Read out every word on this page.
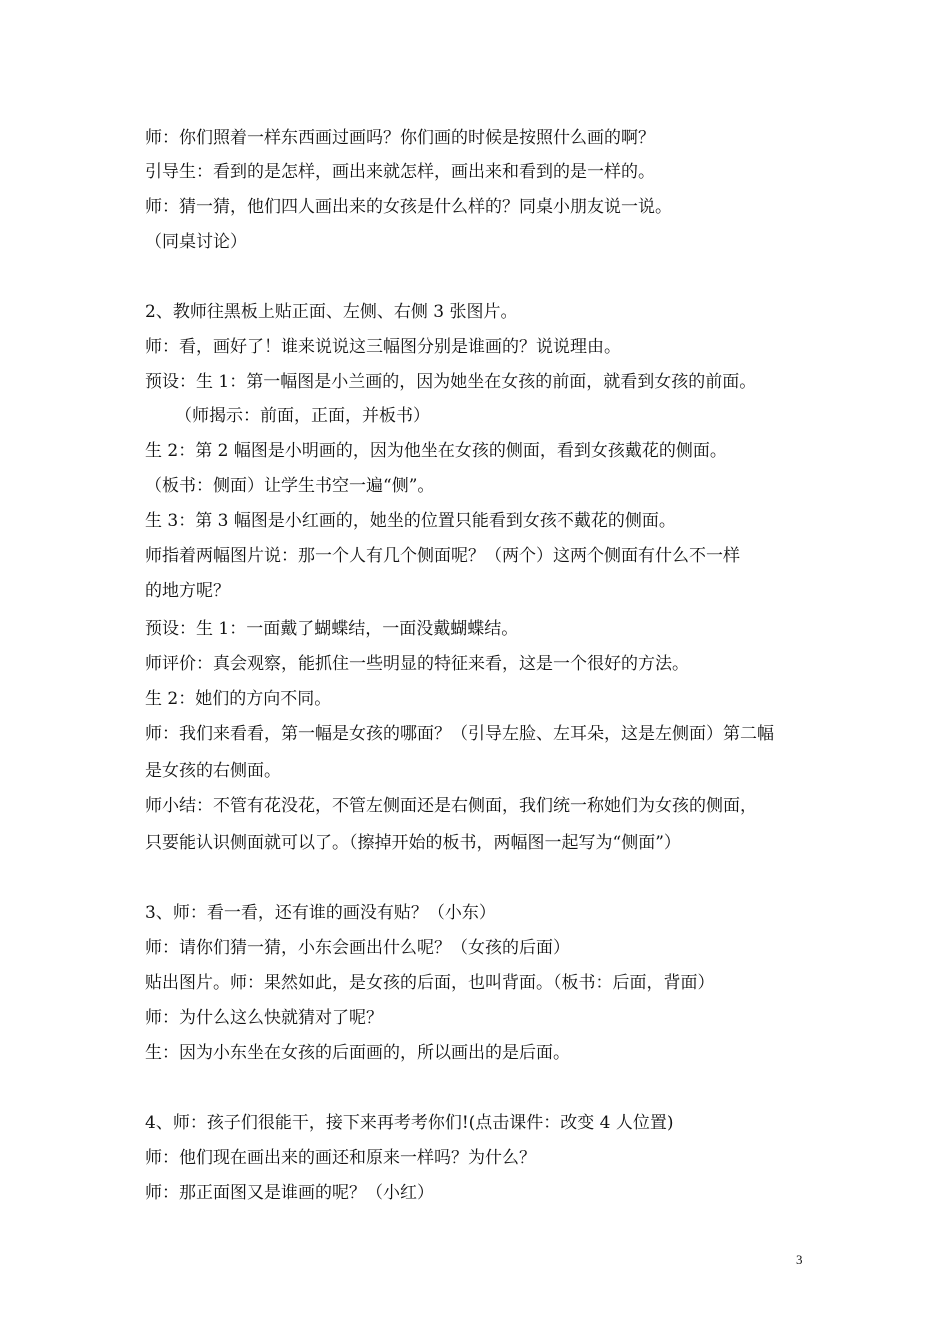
师：你们照着一样东西画过画吗？你们画的时候是按照什么画的啊？
引导生：看到的是怎样，画出来就怎样，画出来和看到的是一样的。
师：猜一猜，他们四人画出来的女孩是什么样的？同桌小朋友说一说。
（同桌讨论）
2、教师往黑板上贴正面、左侧、右侧 3 张图片。
师：看，画好了！谁来说说这三幅图分别是谁画的？说说理由。
预设：生 1：第一幅图是小兰画的，因为她坐在女孩的前面，就看到女孩的前面。
（师揭示：前面，正面，并板书）
生 2：第 2 幅图是小明画的，因为他坐在女孩的侧面，看到女孩戴花的侧面。
（板书：侧面）让学生书空一遍“侧”。
生 3：第 3 幅图是小红画的，她坐的位置只能看到女孩不戴花的侧面。
师指着两幅图片说：那一个人有几个侧面呢？（两个）这两个侧面有什么不一样
的地方呢？
预设：生 1：一面戴了蝴蝶结，一面没戴蝴蝶结。
师评价：真会观察，能抓住一些明显的特征来看，这是一个很好的方法。
生 2：她们的方向不同。
师：我们来看看，第一幅是女孩的哪面？（引导左脸、左耳朵，这是左侧面）第二幅
是女孩的右侧面。
师小结：不管有花没花，不管左侧面还是右侧面，我们统一称她们为女孩的侧面，
只要能认识侧面就可以了。（擦掉开始的板书，两幅图一起写为“侧面”）
3、师：看一看，还有谁的画没有贴？（小东）
师：请你们猜一猜，小东会画出什么呢？（女孩的后面）
贴出图片。师：果然如此，是女孩的后面，也叫背面。（板书：后面，背面）
师：为什么这么快就猜对了呢？
生：因为小东坐在女孩的后面画的，所以画出的是后面。
4、师：孩子们很能干，接下来再考考你们!(点击课件：改变 4 人位置)
师：他们现在画出来的画还和原来一样吗？为什么？
师：那正面图又是谁画的呢？（小红）
3
